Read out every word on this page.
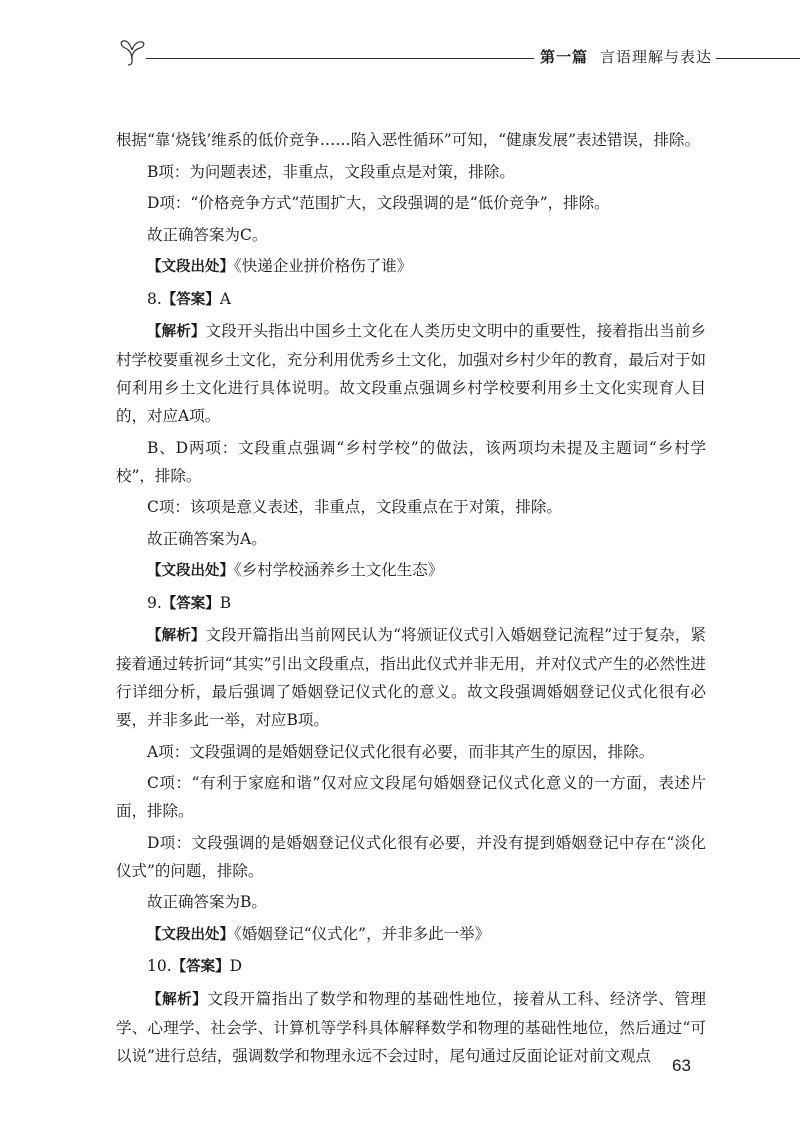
第一篇 言语理解与表达

根据“靠‘烧钱’维系的低价竞争……陷入恶性循环”可知，“健康发展”表述错误，排除。

B项：为问题表述，非重点，文段重点是对策，排除。

D项：“价格竞争方式”范围扩大，文段强调的是“低价竞争”，排除。

故正确答案为C。

【文段出处】《快递企业拼价格伤了谁》

8.【答案】A

【解析】文段开头指出中国乡土文化在人类历史文明中的重要性，接着指出当前乡村学校要重视乡土文化，充分利用优秀乡土文化，加强对乡村少年的教育，最后对于如何利用乡土文化进行具体说明。故文段重点强调乡村学校要利用乡土文化实现育人目的，对应A项。

B、D两项：文段重点强调“乡村学校”的做法，该两项均未提及主题词“乡村学校”，排除。

C项：该项是意义表述，非重点，文段重点在于对策，排除。

故正确答案为A。

【文段出处】《乡村学校涵养乡土文化生态》

9.【答案】B

【解析】文段开篇指出当前网民认为“将颁证仪式引入婚姻登记流程”过于复杂，紧接着通过转折词“其实”引出文段重点，指出此仪式并非无用，并对仪式产生的必然性进行详细分析，最后强调了婚姻登记仪式化的意义。故文段强调婚姻登记仪式化很有必要，并非多此一举，对应B项。

A项：文段强调的是婚姻登记仪式化很有必要，而非其产生的原因，排除。

C项：“有利于家庭和谐”仅对应文段尾句婚姻登记仪式化意义的一方面，表述片面，排除。

D项：文段强调的是婚姻登记仪式化很有必要，并没有提到婚姻登记中存在“淡化仪式”的问题，排除。

故正确答案为B。

【文段出处】《婚姻登记“仪式化”，并非多此一举》

10.【答案】D

【解析】文段开篇指出了数学和物理的基础性地位，接着从工科、经济学、管理学、心理学、社会学、计算机等学科具体解释数学和物理的基础性地位，然后通过“可以说”进行总结，强调数学和物理永远不会过时，尾句通过反面论证对前文观点

63
